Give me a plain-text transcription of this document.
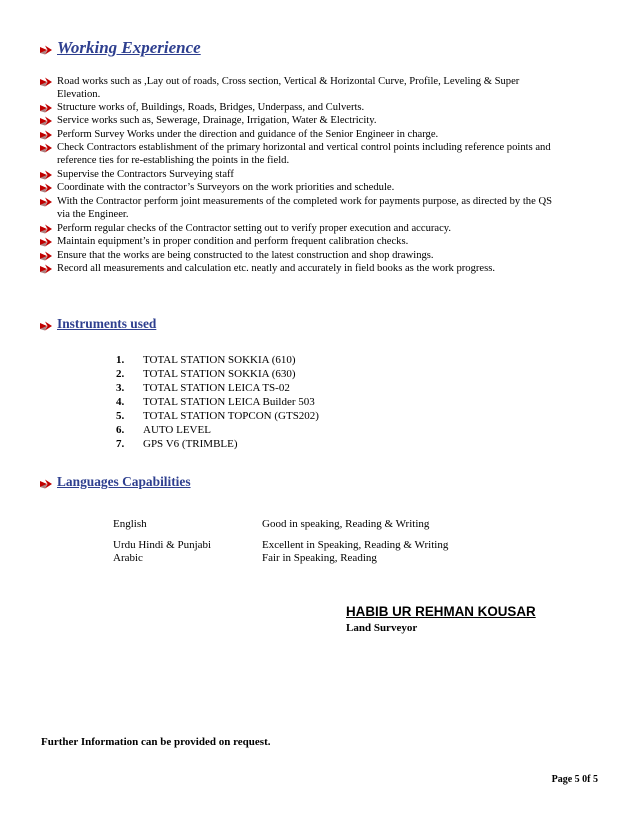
Working Experience
Road works such as ,Lay out of roads, Cross section, Vertical & Horizontal Curve, Profile, Leveling & Super
Elevation.
Structure works of, Buildings, Roads, Bridges, Underpass, and Culverts.
Service works such as, Sewerage, Drainage, Irrigation, Water & Electricity.
Perform Survey Works under the direction and guidance of the Senior Engineer in charge.
Check Contractors establishment of the primary horizontal and vertical control points including reference points and
reference ties for re-establishing the points in the field.
Supervise the Contractors Surveying staff
Coordinate with the contractor’s Surveyors on the work priorities and schedule.
With the Contractor perform joint measurements of the completed work for payments purpose, as directed by the QS
via the Engineer.
Perform regular checks of the Contractor setting out to verify proper execution and accuracy.
Maintain equipment’s in proper condition and perform frequent calibration checks.
Ensure that the works are being constructed to the latest construction and shop drawings.
Record all measurements and calculation etc. neatly and accurately in field books as the work progress.
Instruments used
1. TOTAL STATION SOKKIA (610)
2. TOTAL STATION SOKKIA (630)
3. TOTAL STATION LEICA TS-02
4. TOTAL STATION LEICA Builder 503
5. TOTAL STATION TOPCON (GTS202)
6. AUTO LEVEL
7. GPS V6 (TRIMBLE)
Languages Capabilities
English	Good in speaking, Reading & Writing
Urdu Hindi & Punjabi	Excellent in Speaking, Reading & Writing
Arabic	Fair in Speaking, Reading
HABIB UR REHMAN KOUSAR
Land Surveyor
Further Information can be provided on request.
Page 5 0f 5
